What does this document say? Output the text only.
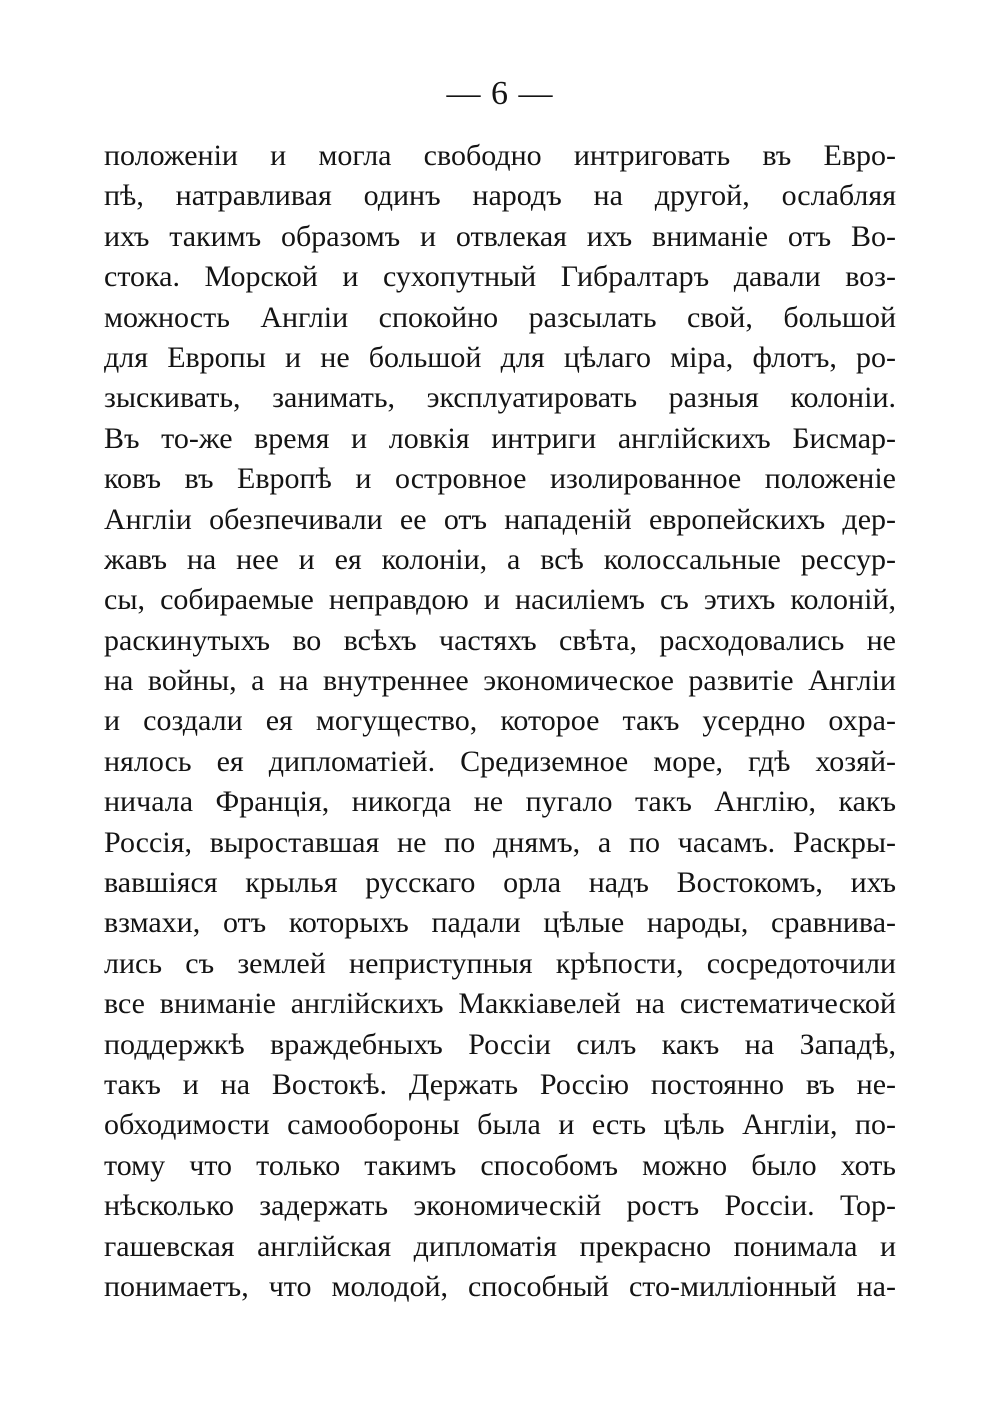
— 6 —
положеніи и могла свободно интриговать въ Евро-
пѣ, натравливая одинъ народъ на другой, ослабляя
ихъ такимъ образомъ и отвлекая ихъ вниманіе отъ Во-
стока. Морской и сухопутный Гибралтаръ давали воз-
можность Англіи спокойно разсылать свой, большой
для Европы и не большой для цѣлаго міра, флотъ, ро-
зыскивать, занимать, эксплуатировать разныя колоніи.
Въ то-же время и ловкія интриги англійскихъ Бисмар-
ковъ въ Европѣ и островное изолированное положеніе
Англіи обезпечивали ее отъ нападеній европейскихъ дер-
жавъ на нее и ея колоніи, а всѣ колоссальные рессур-
сы, собираемые неправдою и насиліемъ съ этихъ колоній,
раскинутыхъ во всѣхъ частяхъ свѣта, расходовались не
на войны, а на внутреннее экономическое развитіе Англіи
и создали ея могущество, которое такъ усердно охра-
нялось ея дипломатіей. Средиземное море, гдѣ хозяй-
ничала Франція, никогда не пугало такъ Англію, какъ
Россія, выроставшая не по днямъ, а по часамъ. Раскры-
вавшіяся крылья русскаго орла надъ Востокомъ, ихъ
взмахи, отъ которыхъ падали цѣлые народы, сравнива-
лись съ землей неприступныя крѣпости, сосредоточили
все вниманіе англійскихъ Маккіавелей на систематической
поддержкѣ враждебныхъ Россіи силъ какъ на Западѣ,
такъ и на Востокѣ. Держать Россію постоянно въ не-
обходимости самообороны была и есть цѣль Англіи, по-
тому что только такимъ способомъ можно было хоть
нѣсколько задержать экономическій ростъ Россіи. Тор-
гашевская англійская дипломатія прекрасно понимала и
понимаетъ, что молодой, способный сто-милліонный на-
